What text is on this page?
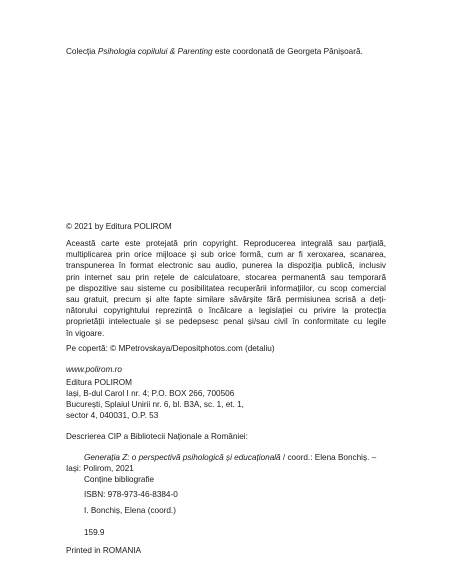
Colecția Psihologia copilului & Parenting este coordonată de Georgeta Pânișoară.
© 2021 by Editura POLIROM
Această carte este protejată prin copyright. Reproducerea integrală sau parțială,
multiplicarea prin orice mijloace și sub orice formă, cum ar fi xeroxarea, scanarea,
transpunerea în format electronic sau audio, punerea la dispoziția publică, inclusiv
prin internet sau prin rețele de calculatoare, stocarea permanentă sau temporară
pe dispozitive sau sisteme cu posibilitatea recuperării informațiilor, cu scop comercial
sau gratuit, precum și alte fapte similare săvârșite fără permisiunea scrisă a deți-
nătorului copyrightului reprezintă o încălcare a legislației cu privire la protecția
proprietății intelectuale și se pedepsesc penal și/sau civil în conformitate cu legile
în vigoare.
Pe copertă: © MPetrovskaya/Depositphotos.com (detaliu)
www.polirom.ro
Editura POLIROM
Iași, B-dul Carol I nr. 4; P.O. BOX 266, 700506
București, Splaiul Unirii nr. 6, bl. B3A, sc. 1, et. 1,
sector 4, 040031, O.P. 53
Descrierea CIP a Bibliotecii Naționale a României:
Generația Z: o perspectivă psihologică și educațională / coord.: Elena Bonchiș. –
Iași: Polirom, 2021
Conține bibliografie
ISBN: 978-973-46-8384-0
I. Bonchiș, Elena (coord.)
159.9
Printed in ROMANIA
